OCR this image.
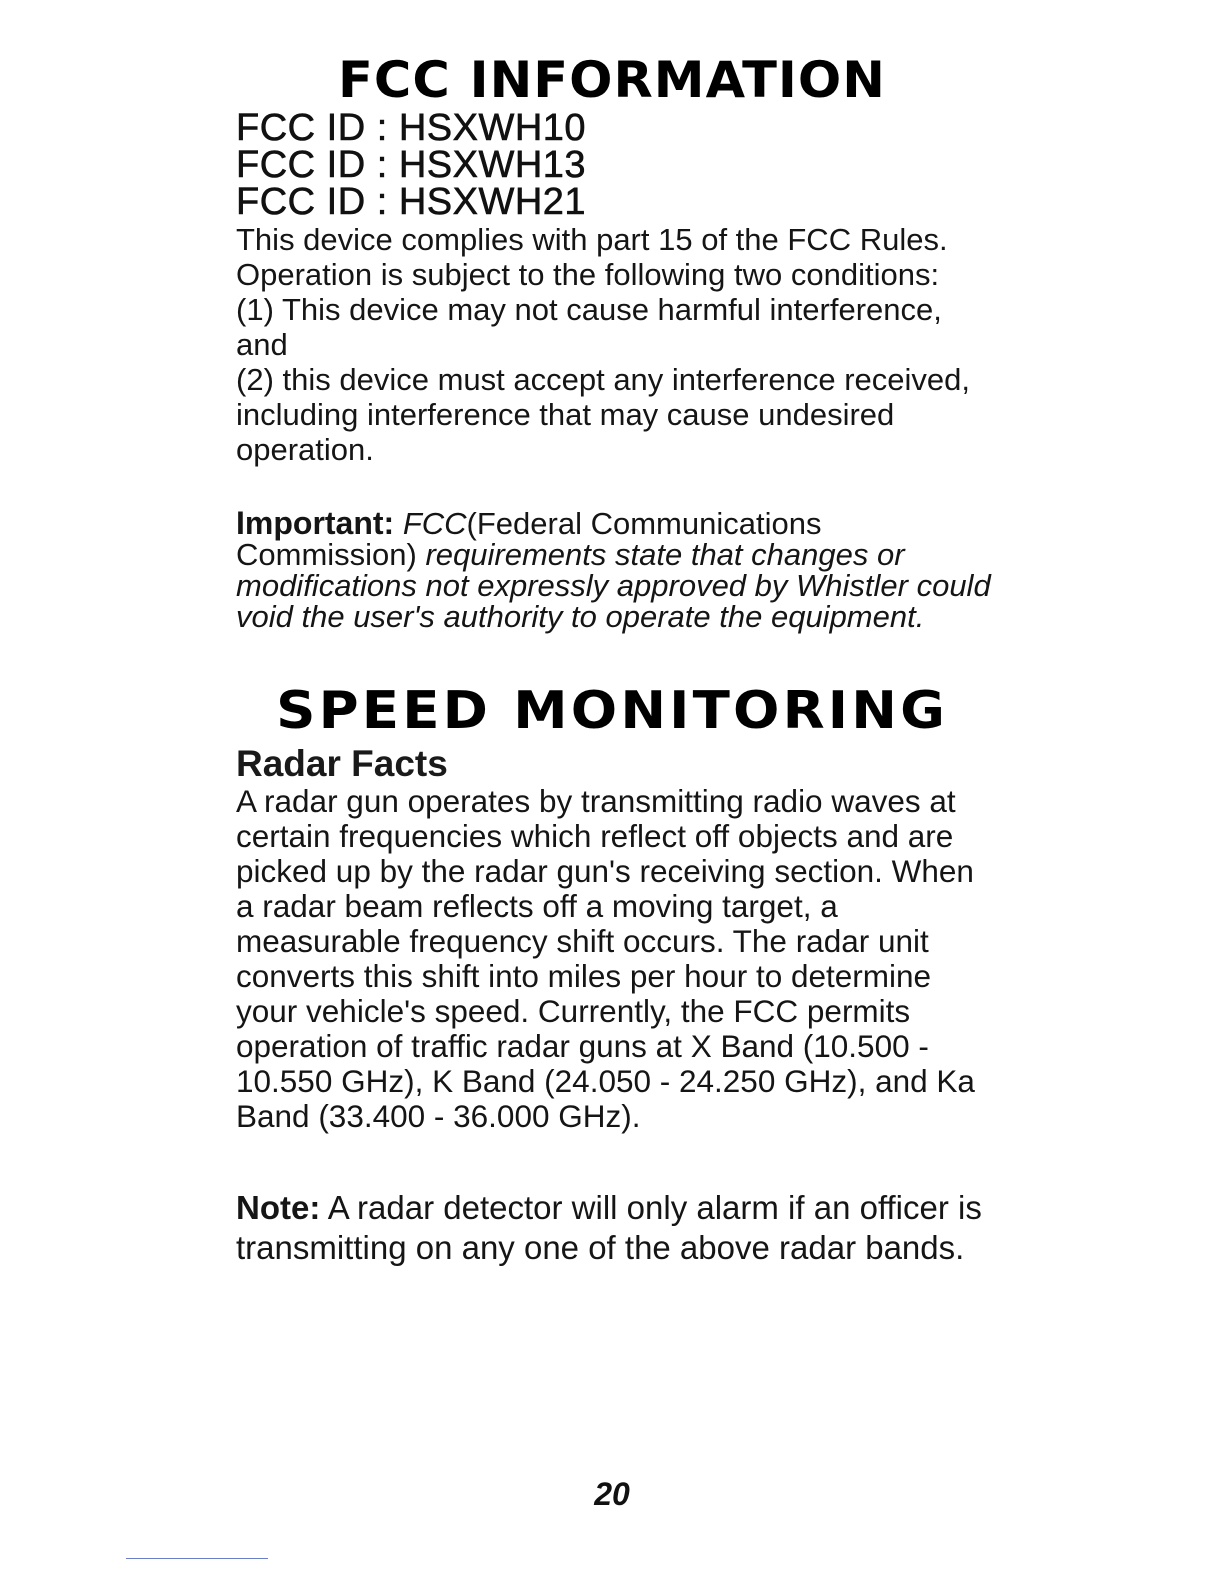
FCC INFORMATION
FCC ID : HSXWH10
FCC ID : HSXWH13
FCC ID : HSXWH21

This device complies with part 15 of the FCC Rules. Operation is subject to the following two conditions:

(1) This device may not cause harmful interference, and

(2) this device must accept any interference received, including interference that may cause undesired operation.

Important: FCC(Federal Communications Commission) requirements state that changes or modifications not expressly approved by Whistler could void the user's authority to operate the equipment.
SPEED MONITORING
Radar Facts
A radar gun operates by transmitting radio waves at certain frequencies which reflect off objects and are picked up by the radar gun's receiving section. When a radar beam reflects off a moving target, a measurable frequency shift occurs. The radar unit converts this shift into miles per hour to determine your vehicle's speed. Currently, the FCC permits operation of traffic radar guns at X Band (10.500 - 10.550 GHz), K Band (24.050 - 24.250 GHz), and Ka Band (33.400 - 36.000 GHz).
Note: A radar detector will only alarm if an officer is transmitting on any one of the above radar bands.
20
